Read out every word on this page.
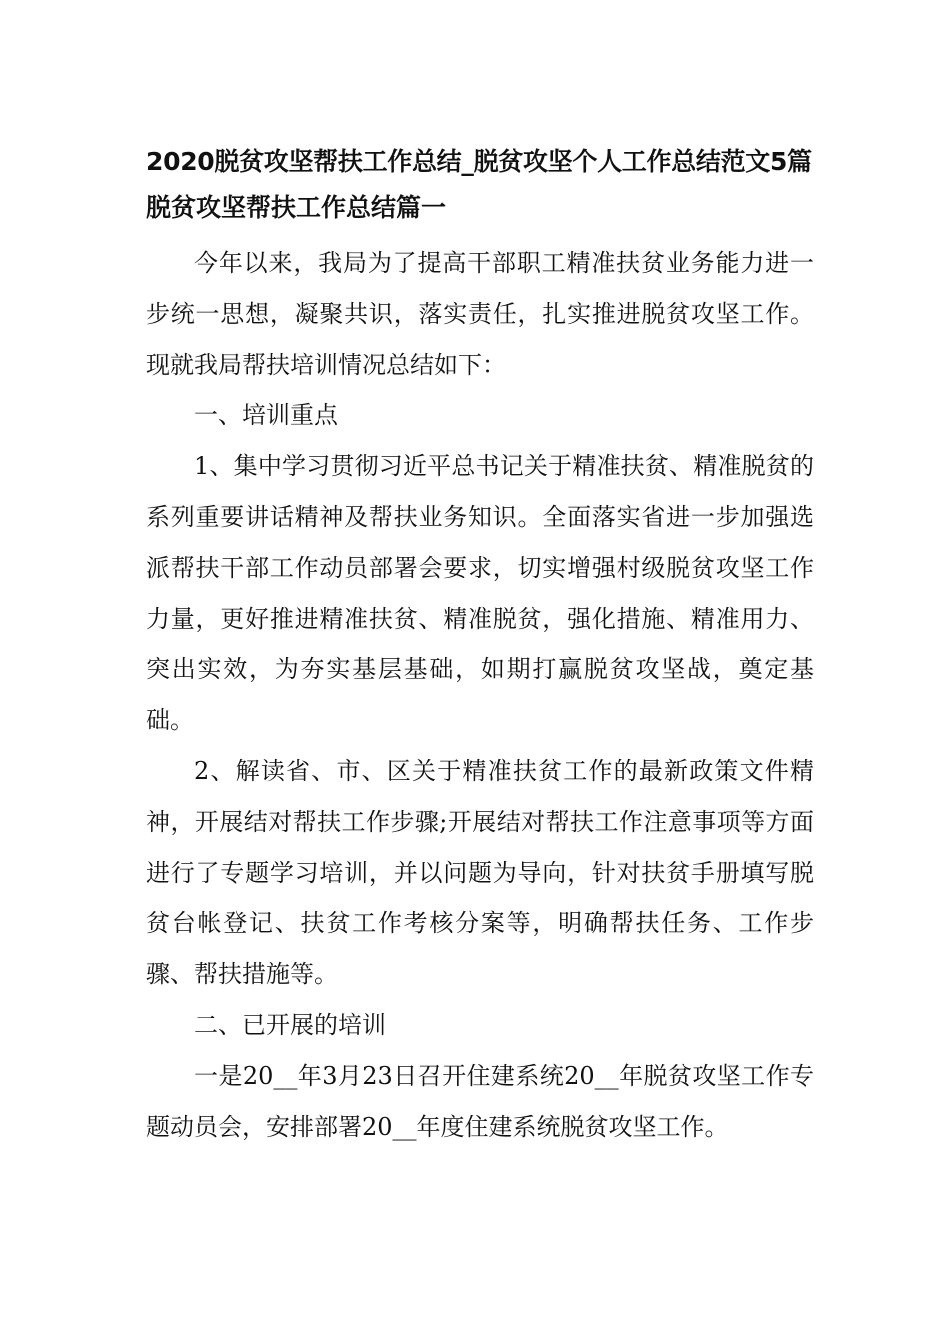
2020脱贫攻坚帮扶工作总结_脱贫攻坚个人工作总结范文5篇
脱贫攻坚帮扶工作总结篇一

今年以来，我局为了提高干部职工精准扶贫业务能力进一步统一思想，凝聚共识，落实责任，扎实推进脱贫攻坚工作。现就我局帮扶培训情况总结如下：

一、培训重点

1、集中学习贯彻习近平总书记关于精准扶贫、精准脱贫的系列重要讲话精神及帮扶业务知识。全面落实省进一步加强选派帮扶干部工作动员部署会要求，切实增强村级脱贫攻坚工作力量，更好推进精准扶贫、精准脱贫，强化措施、精准用力、突出实效，为夯实基层基础，如期打赢脱贫攻坚战，奠定基础。

2、解读省、市、区关于精准扶贫工作的最新政策文件精神，开展结对帮扶工作步骤;开展结对帮扶工作注意事项等方面进行了专题学习培训，并以问题为导向，针对扶贫手册填写脱贫台帐登记、扶贫工作考核分案等，明确帮扶任务、工作步骤、帮扶措施等。

二、已开展的培训

一是20__年3月23日召开住建系统20__年脱贫攻坚工作专题动员会，安排部署20__年度住建系统脱贫攻坚工作。
